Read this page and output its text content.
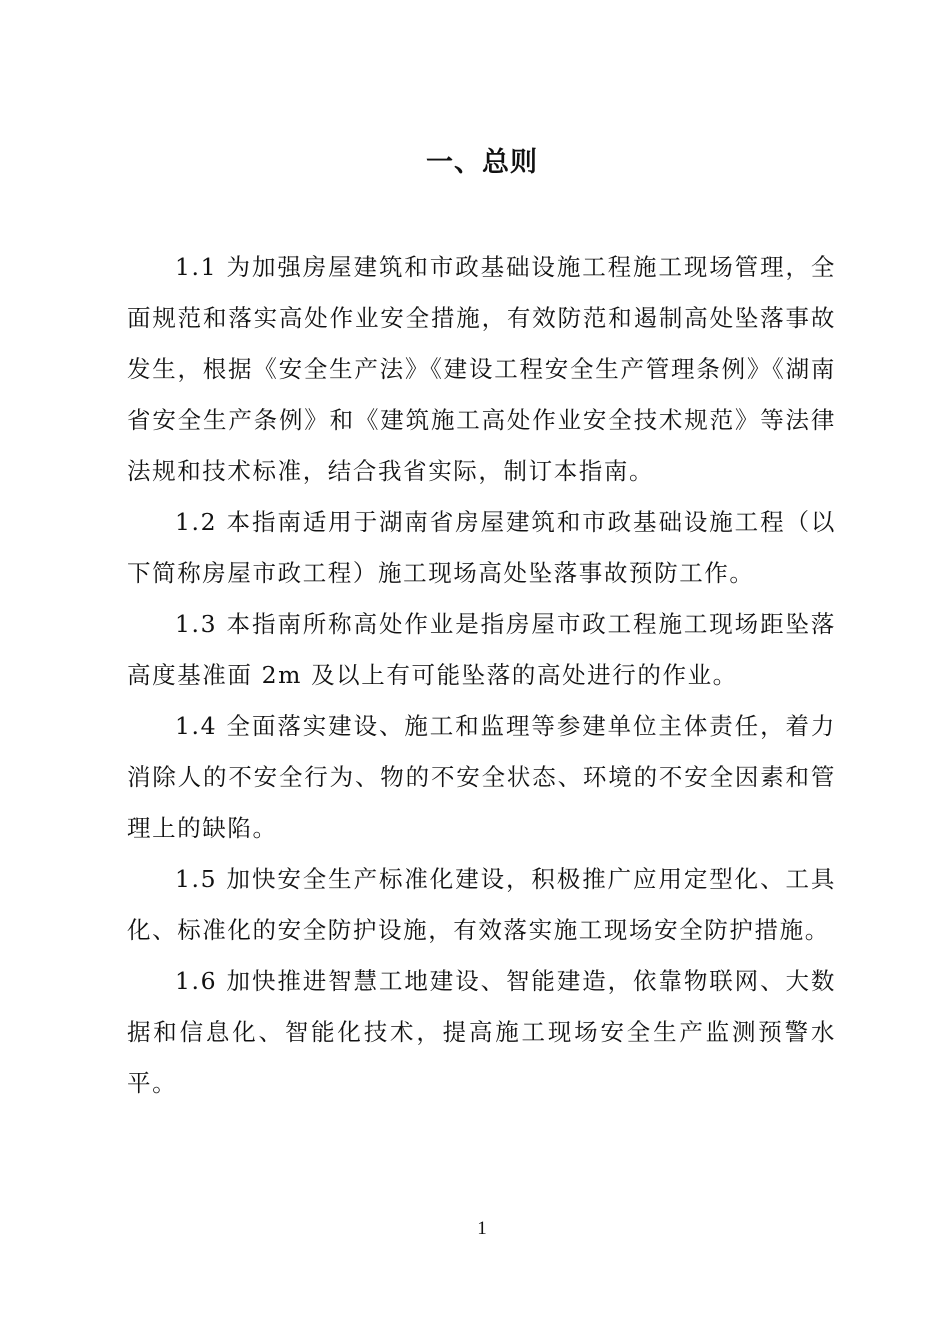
一、总则

1.1 为加强房屋建筑和市政基础设施工程施工现场管理，全面规范和落实高处作业安全措施，有效防范和遏制高处坠落事故发生，根据《安全生产法》《建设工程安全生产管理条例》《湖南省安全生产条例》和《建筑施工高处作业安全技术规范》等法律法规和技术标准，结合我省实际，制订本指南。

1.2 本指南适用于湖南省房屋建筑和市政基础设施工程（以下简称房屋市政工程）施工现场高处坠落事故预防工作。

1.3 本指南所称高处作业是指房屋市政工程施工现场距坠落高度基准面 2m 及以上有可能坠落的高处进行的作业。

1.4 全面落实建设、施工和监理等参建单位主体责任，着力消除人的不安全行为、物的不安全状态、环境的不安全因素和管理上的缺陷。

1.5 加快安全生产标准化建设，积极推广应用定型化、工具化、标准化的安全防护设施，有效落实施工现场安全防护措施。

1.6 加快推进智慧工地建设、智能建造，依靠物联网、大数据和信息化、智能化技术，提高施工现场安全生产监测预警水平。

1
